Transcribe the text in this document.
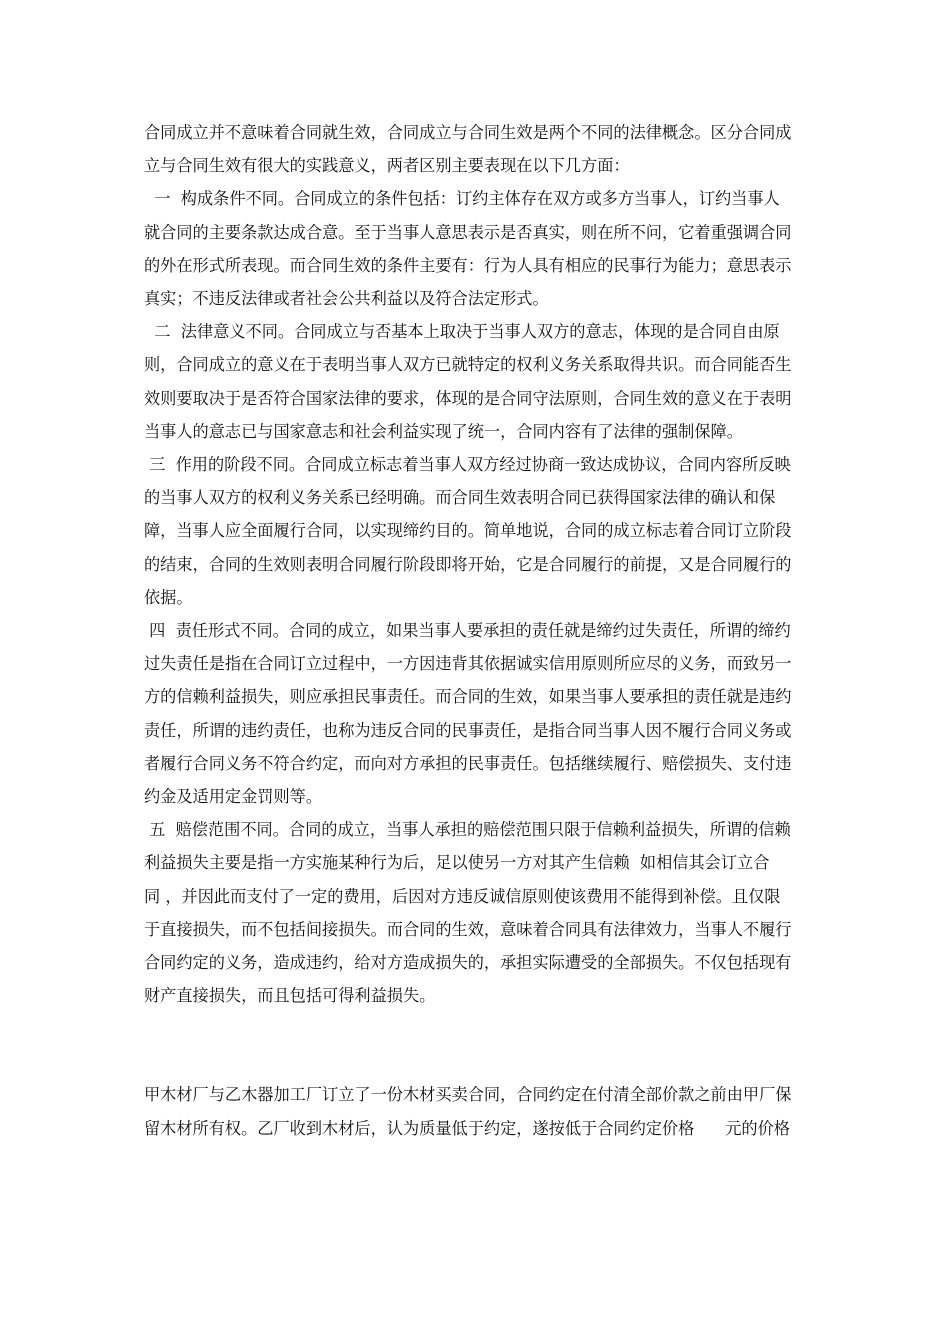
合同成立并不意味着合同就生效，合同成立与合同生效是两个不同的法律概念。区分合同成

立与合同生效有很大的实践意义，两者区别主要表现在以下几方面：

一  构成条件不同。合同成立的条件包括：订约主体存在双方或多方当事人，订约当事人

就合同的主要条款达成合意。至于当事人意思表示是否真实，则在所不问，它着重强调合同

的外在形式所表现。而合同生效的条件主要有：行为人具有相应的民事行为能力；意思表示

真实；不违反法律或者社会公共利益以及符合法定形式。

二  法律意义不同。合同成立与否基本上取决于当事人双方的意志，体现的是合同自由原

则，合同成立的意义在于表明当事人双方已就特定的权利义务关系取得共识。而合同能否生

效则要取决于是否符合国家法律的要求，体现的是合同守法原则，合同生效的意义在于表明

当事人的意志已与国家意志和社会利益实现了统一，合同内容有了法律的强制保障。

三  作用的阶段不同。合同成立标志着当事人双方经过协商一致达成协议，合同内容所反映

的当事人双方的权利义务关系已经明确。而合同生效表明合同已获得国家法律的确认和保

障，当事人应全面履行合同，以实现缔约目的。简单地说，合同的成立标志着合同订立阶段

的结束，合同的生效则表明合同履行阶段即将开始，它是合同履行的前提，又是合同履行的

依据。

四  责任形式不同。合同的成立，如果当事人要承担的责任就是缔约过失责任，所谓的缔约

过失责任是指在合同订立过程中，一方因违背其依据诚实信用原则所应尽的义务，而致另一

方的信赖利益损失，则应承担民事责任。而合同的生效，如果当事人要承担的责任就是违约

责任，所谓的违约责任，也称为违反合同的民事责任，是指合同当事人因不履行合同义务或

者履行合同义务不符合约定，而向对方承担的民事责任。包括继续履行、赔偿损失、支付违

约金及适用定金罚则等。

五  赔偿范围不同。合同的成立，当事人承担的赔偿范围只限于信赖利益损失，所谓的信赖

利益损失主要是指一方实施某种行为后，足以使另一方对其产生信赖  如相信其会订立合

同 ，并因此而支付了一定的费用，后因对方违反诚信原则使该费用不能得到补偿。且仅限

于直接损失，而不包括间接损失。而合同的生效，意味着合同具有法律效力，当事人不履行

合同约定的义务，造成违约，给对方造成损失的，承担实际遭受的全部损失。不仅包括现有

财产直接损失，而且包括可得利益损失。

甲木材厂与乙木器加工厂订立了一份木材买卖合同，合同约定在付清全部价款之前由甲厂保

留木材所有权。乙厂收到木材后，认为质量低于约定，遂按低于合同约定价格      元的价格
